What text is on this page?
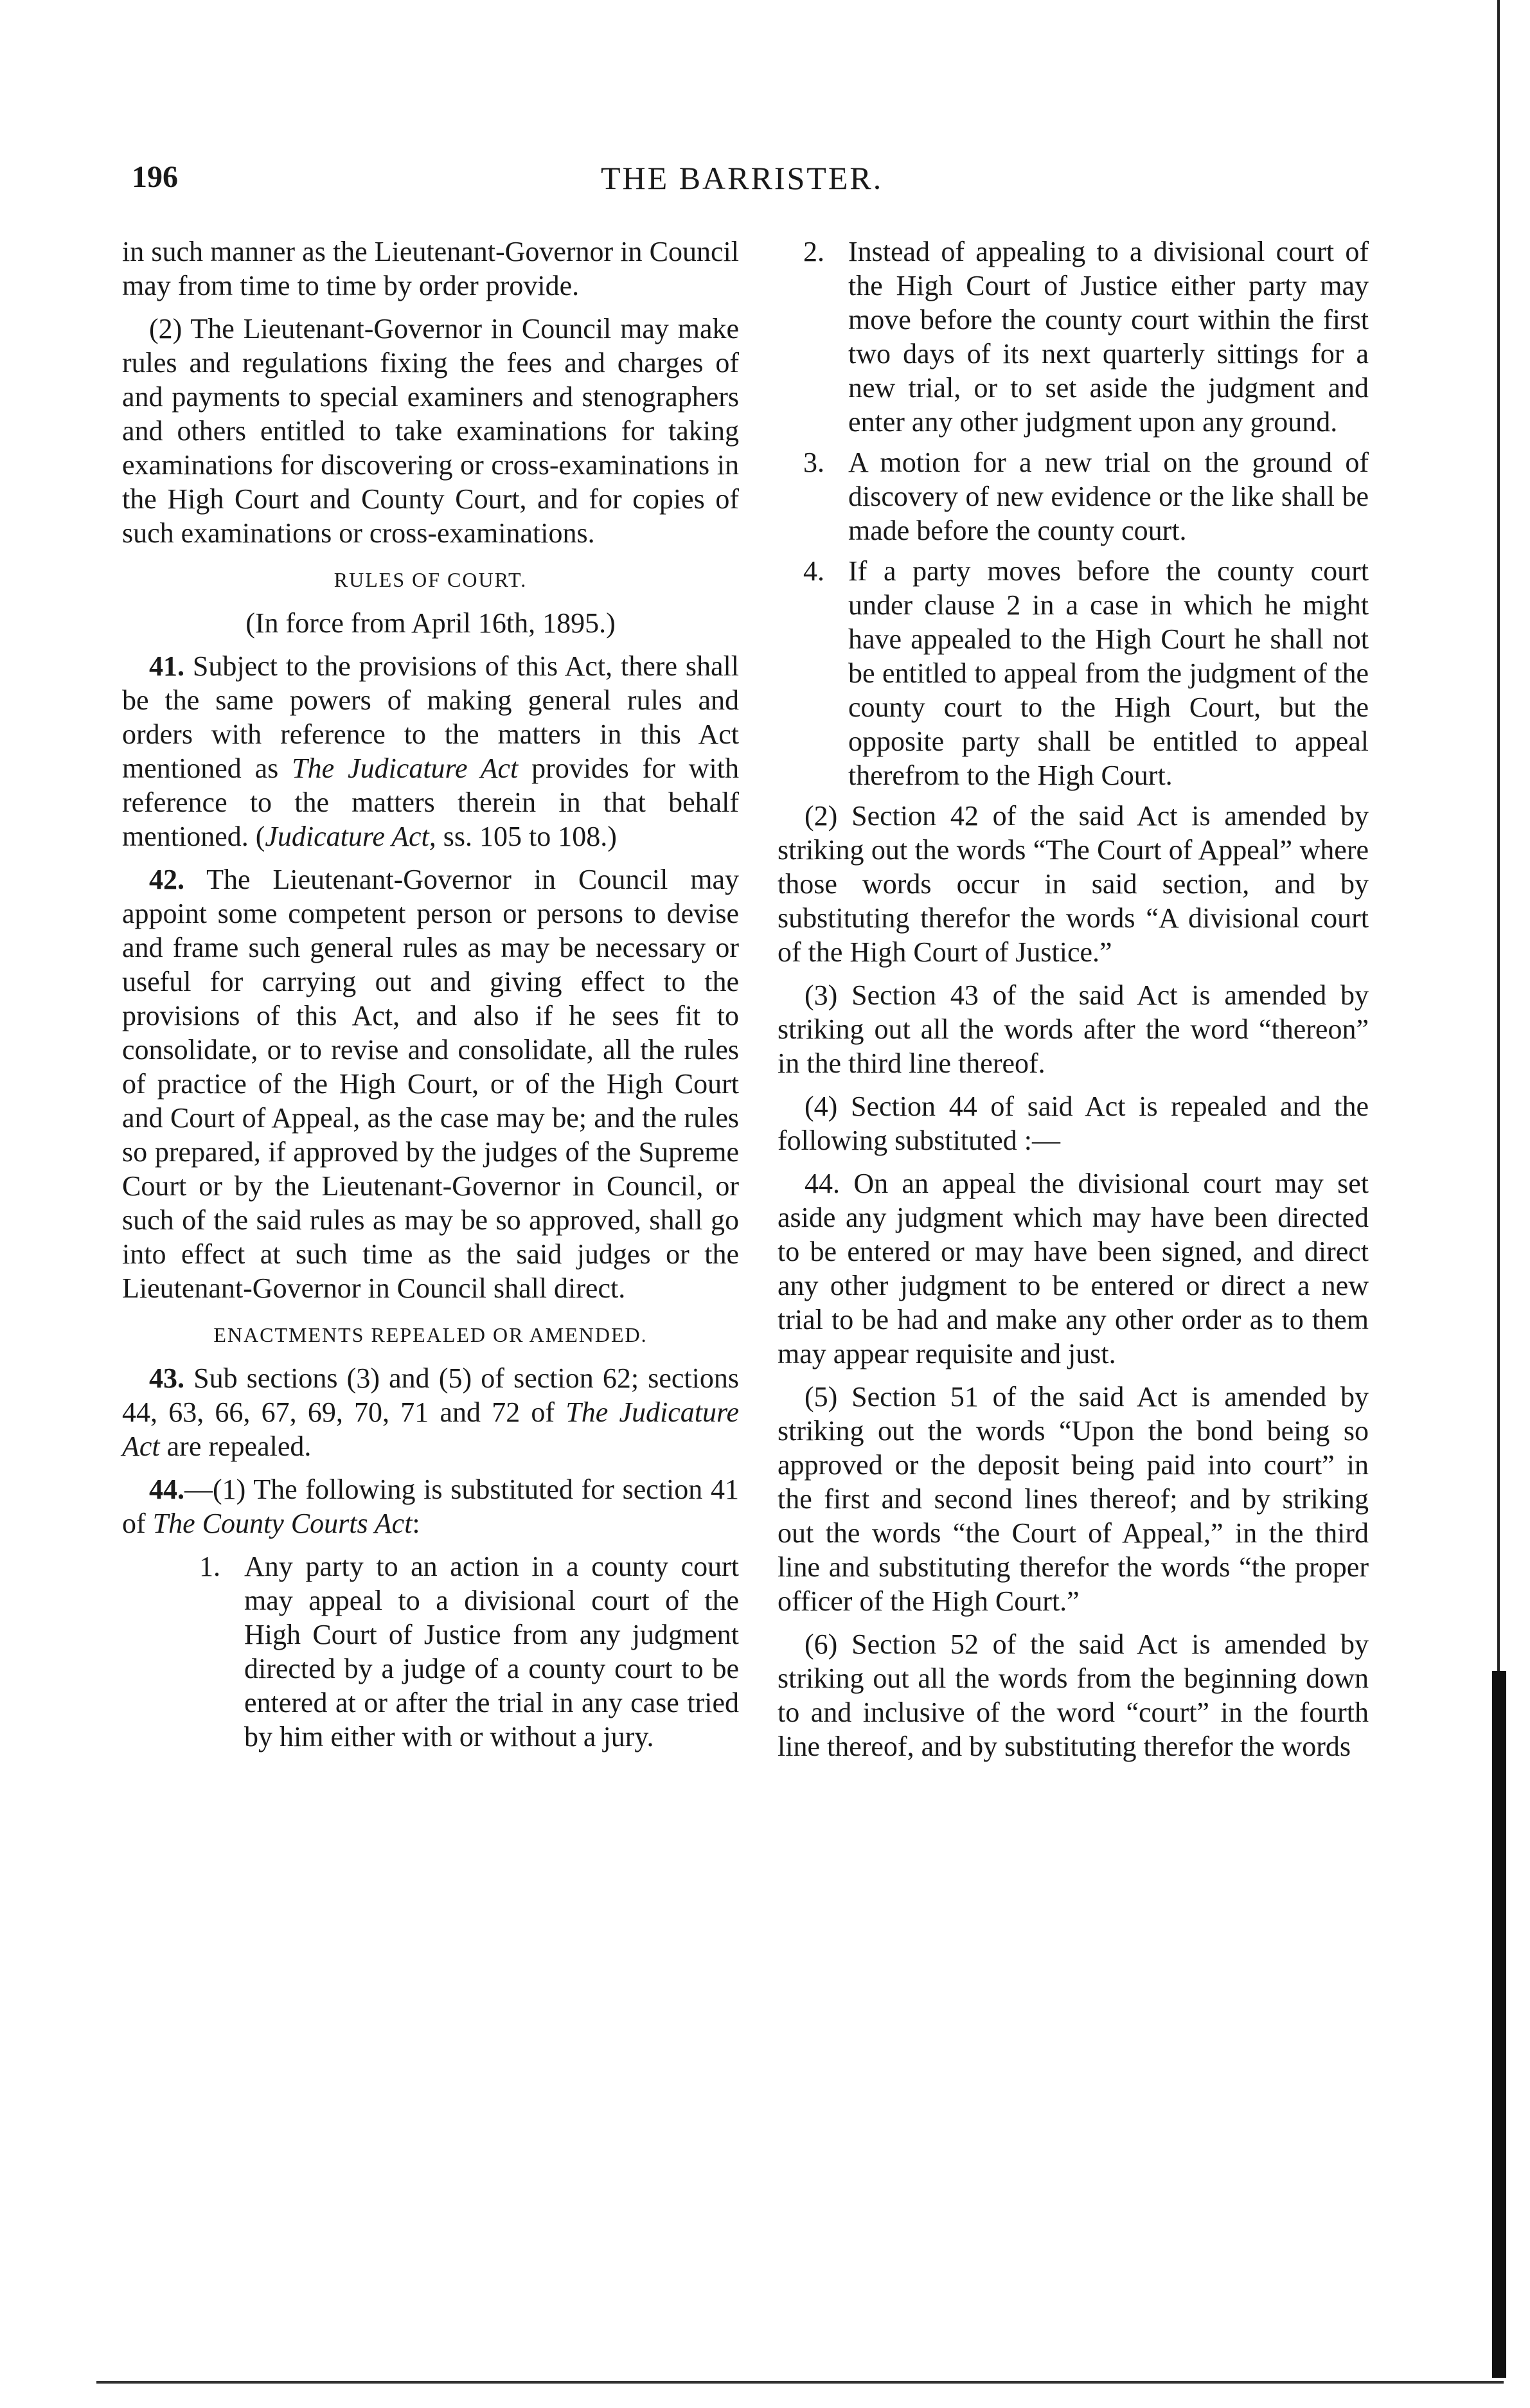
196	THE BARRISTER.

in such manner as the Lieutenant-Governor in Council may from time to time by order provide.

(2) The Lieutenant-Governor in Council may make rules and regulations fixing the fees and charges of and payments to special examiners and stenographers and others entitled to take examinations for taking examinations for discovering or cross-examinations in the High Court and County Court, and for copies of such examinations or cross-examinations.

RULES OF COURT.

(In force from April 16th, 1895.)

41. Subject to the provisions of this Act, there shall be the same powers of making general rules and orders with reference to the matters in this Act mentioned as The Judicature Act provides for with reference to the matters therein in that behalf mentioned. (Judicature Act, ss. 105 to 108.)

42. The Lieutenant-Governor in Council may appoint some competent person or persons to devise and frame such general rules as may be necessary or useful for carrying out and giving effect to the provisions of this Act, and also if he sees fit to consolidate, or to revise and consolidate, all the rules of practice of the High Court, or of the High Court and Court of Appeal, as the case may be; and the rules so prepared, if approved by the judges of the Supreme Court or by the Lieutenant-Governor in Council, or such of the said rules as may be so approved, shall go into effect at such time as the said judges or the Lieutenant-Governor in Council shall direct.

ENACTMENTS REPEALED OR AMENDED.

43. Sub sections (3) and (5) of section 62; sections 44, 63, 66, 67, 69, 70, 71 and 72 of The Judicature Act are repealed.

44.—(1) The following is substituted for section 41 of The County Courts Act:

1. Any party to an action in a county court may appeal to a divisional court of the High Court of Justice from any judgment directed by a judge of a county court to be entered at or after the trial in any case tried by him either with or without a jury.
2. Instead of appealing to a divisional court of the High Court of Justice either party may move before the county court within the first two days of its next quarterly sittings for a new trial, or to set aside the judgment and enter any other judgment upon any ground.
3. A motion for a new trial on the ground of discovery of new evidence or the like shall be made before the county court.
4. If a party moves before the county court under clause 2 in a case in which he might have appealed to the High Court he shall not be entitled to appeal from the judgment of the county court to the High Court, but the opposite party shall be entitled to appeal therefrom to the High Court.

(2) Section 42 of the said Act is amended by striking out the words “The Court of Appeal” where those words occur in said section, and by substituting therefor the words “A divisional court of the High Court of Justice.”

(3) Section 43 of the said Act is amended by striking out all the words after the word “thereon” in the third line thereof.

(4) Section 44 of said Act is repealed and the following substituted :—

44. On an appeal the divisional court may set aside any judgment which may have been directed to be entered or may have been signed, and direct any other judgment to be entered or direct a new trial to be had and make any other order as to them may appear requisite and just.

(5) Section 51 of the said Act is amended by striking out the words “Upon the bond being so approved or the deposit being paid into court” in the first and second lines thereof; and by striking out the words “the Court of Appeal,” in the third line and substituting therefor the words “the proper officer of the High Court.”

(6) Section 52 of the said Act is amended by striking out all the words from the beginning down to and inclusive of the word “court” in the fourth line thereof, and by substituting therefor the words
